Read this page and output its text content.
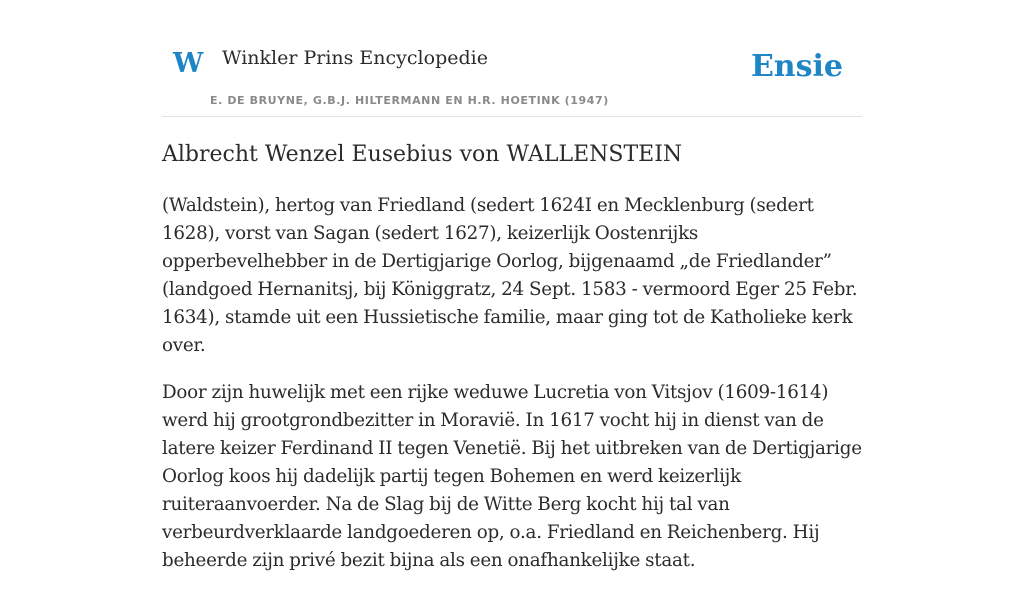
W Winkler Prins Encyclopedie
E. DE BRUYNE, G.B.J. HILTERMANN EN H.R. HOETINK (1947)
Ensie
Albrecht Wenzel Eusebius von WALLENSTEIN

(Waldstein), hertog van Friedland (sedert 1624I en Mecklenburg (sedert 1628), vorst van Sagan (sedert 1627), keizerlijk Oostenrijks opperbevelhebber in de Dertigjarige Oorlog, bijgenaamd „de Friedlander” (landgoed Hernanitsj, bij Königgratz, 24 Sept. 1583 - vermoord Eger 25 Febr. 1634), stamde uit een Hussietische familie, maar ging tot de Katholieke kerk over.

Door zijn huwelijk met een rijke weduwe Lucretia von Vitsjov (1609-1614) werd hij grootgrondbezitter in Moravië. In 1617 vocht hij in dienst van de latere keizer Ferdinand II tegen Venetië. Bij het uitbreken van de Dertigjarige Oorlog koos hij dadelijk partij tegen Bohemen en werd keizerlijk ruiteraanvoerder. Na de Slag bij de Witte Berg kocht hij tal van verbeurdverklaarde landgoederen op, o.a. Friedland en Reichenberg. Hij beheerde zijn privé bezit bijna als een onafhankelijke staat.
